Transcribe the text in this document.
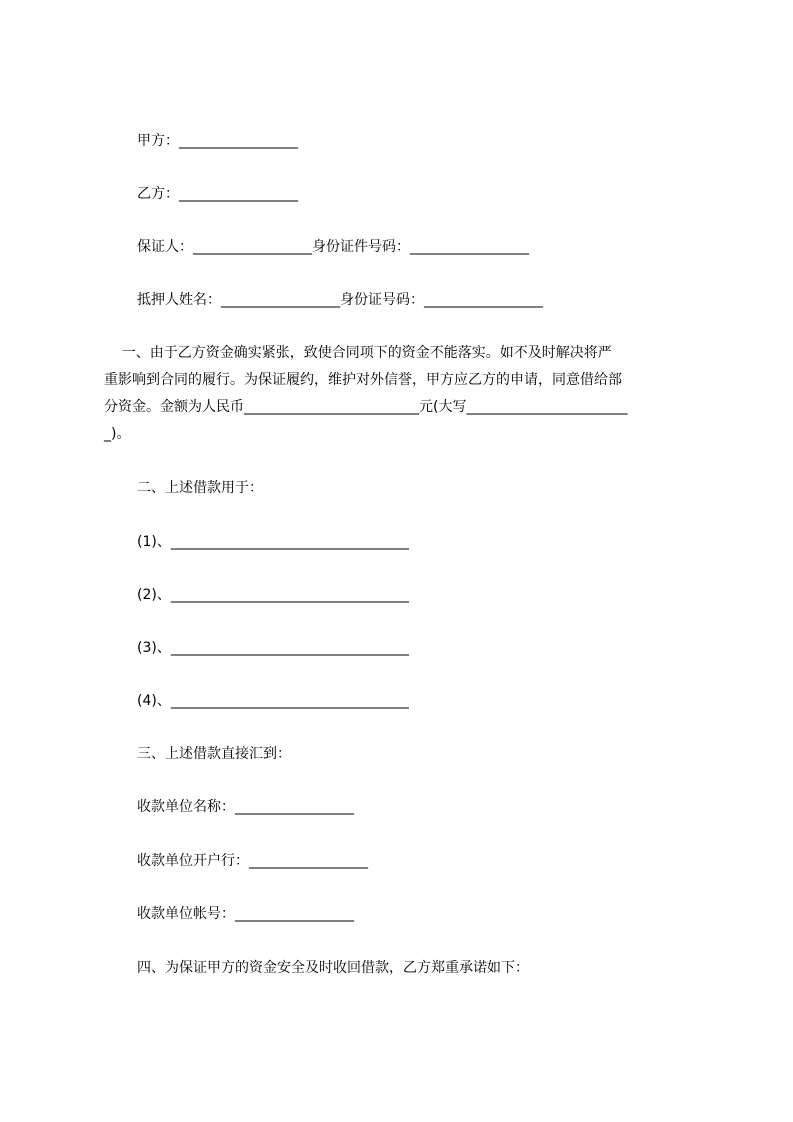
甲方：_________________
乙方：_________________
保证人：_________________身份证件号码：_________________
抵押人姓名：_________________身份证号码：_________________
一、由于乙方资金确实紧张，致使合同项下的资金不能落实。如不及时解决将严
重影响到合同的履行。为保证履约，维护对外信誉，甲方应乙方的申请，同意借给部
分资金。金额为人民币_________________________元(大写_______________________
_)。
二、上述借款用于：
(1)、__________________________________
(2)、__________________________________
(3)、__________________________________
(4)、__________________________________
三、上述借款直接汇到：
收款单位名称：_________________
收款单位开户行：_________________
收款单位帐号：_________________
四、为保证甲方的资金安全及时收回借款，乙方郑重承诺如下：
